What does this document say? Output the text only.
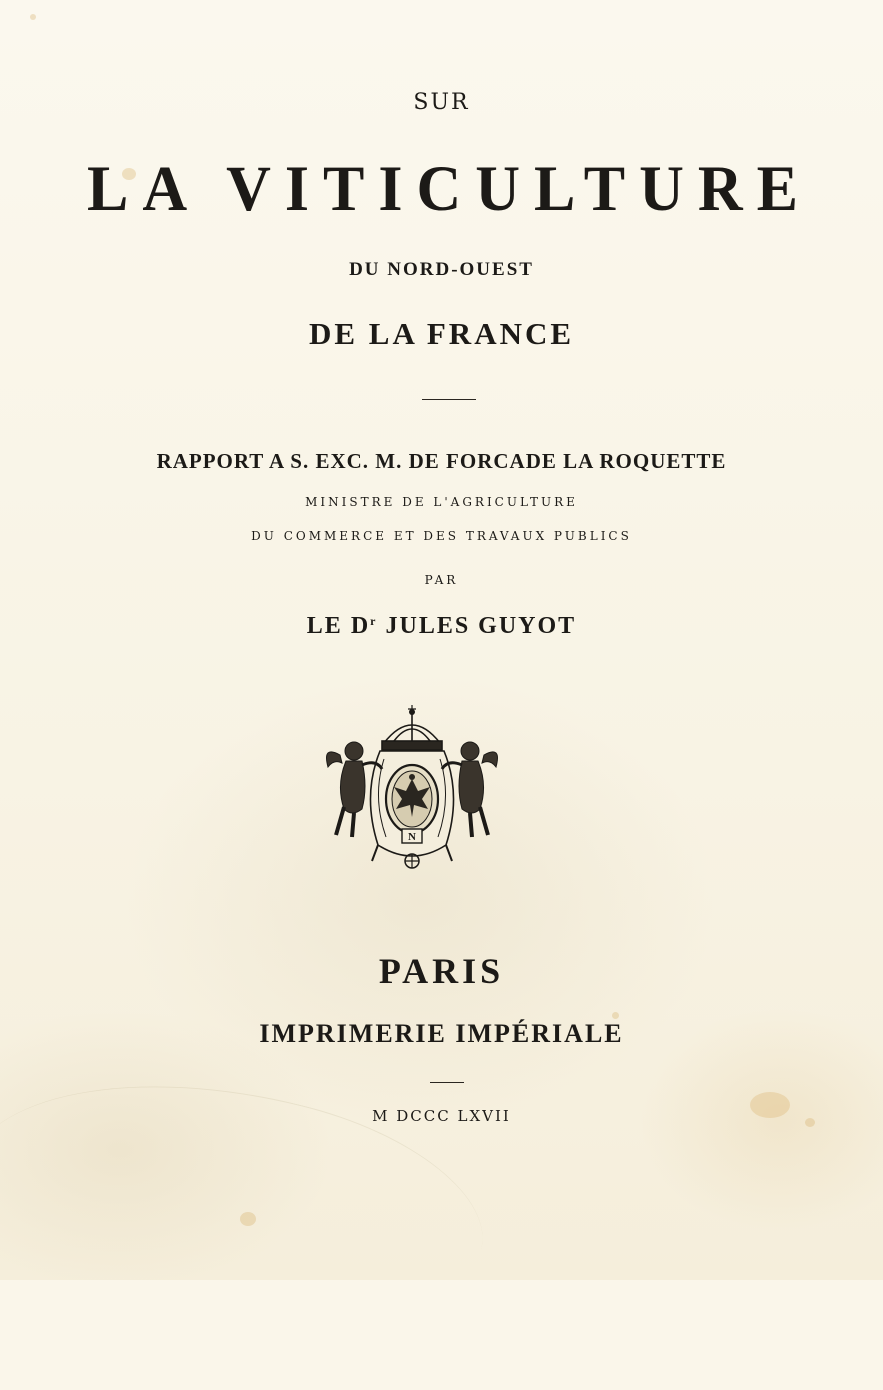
SUR
LA VITICULTURE
DU NORD-OUEST
DE LA FRANCE
RAPPORT A S. EXC. M. DE FORCADE LA ROQUETTE
MINISTRE DE L'AGRICULTURE
DU COMMERCE ET DES TRAVAUX PUBLICS
PAR
LE $D^r$ JULES GUYOT
N
PARIS
IMPRIMERIE IMPÉRIALE
M DCCC LXVII
